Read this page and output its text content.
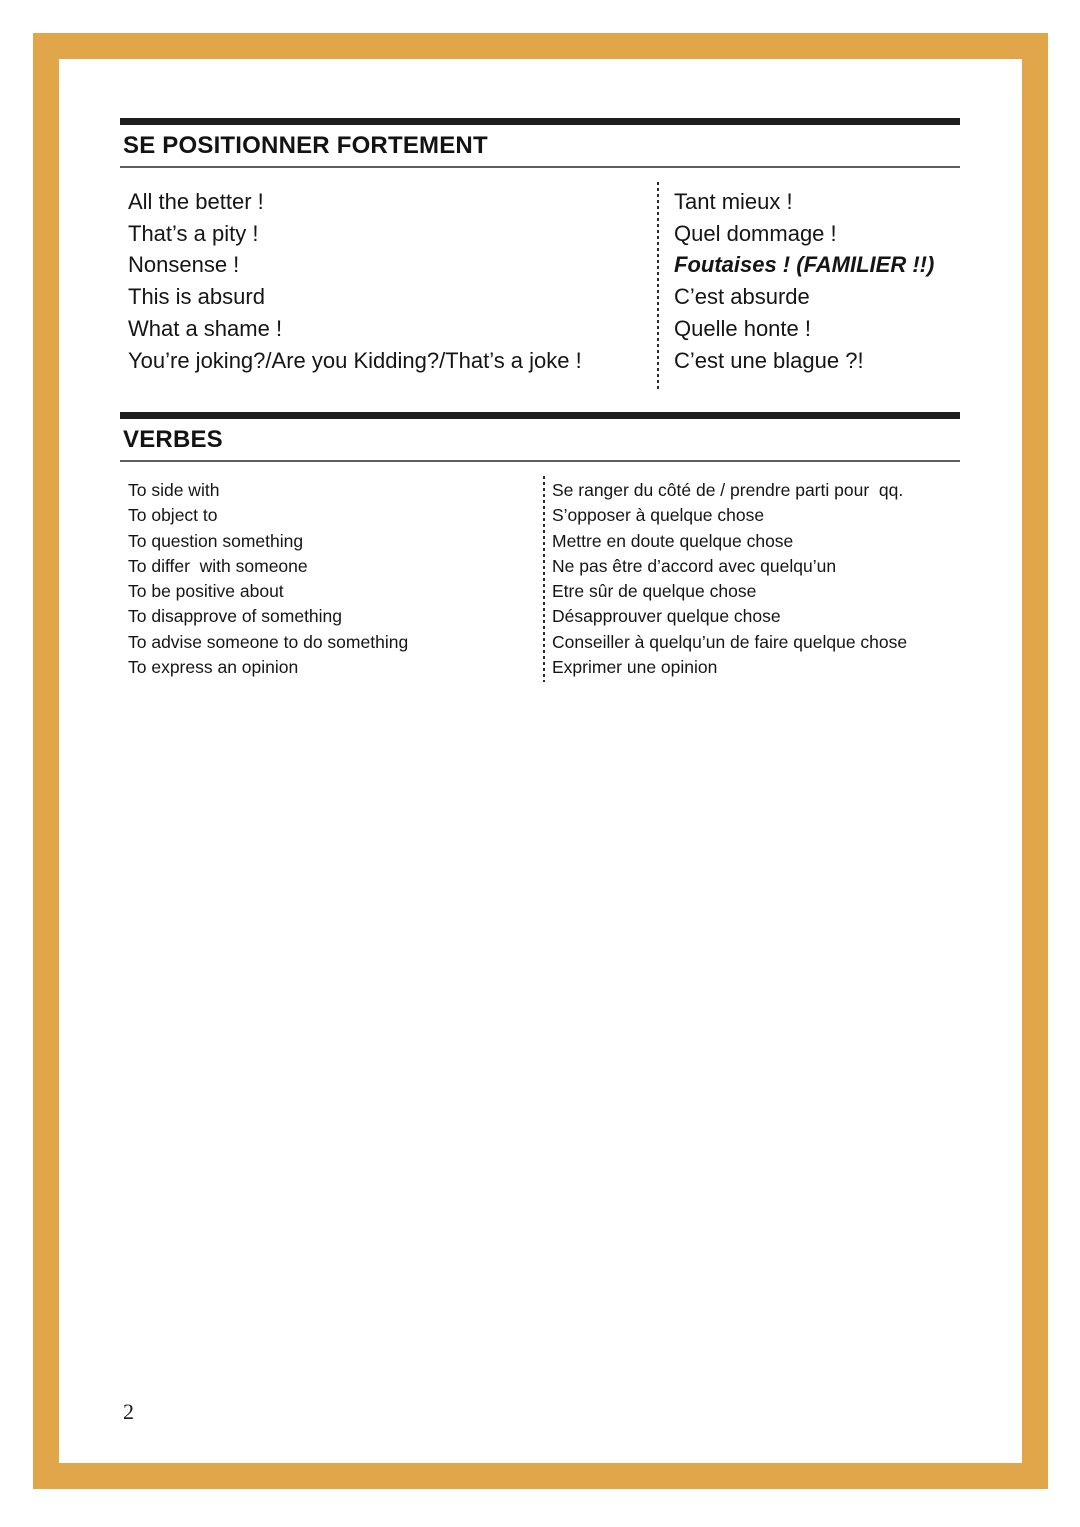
SE POSITIONNER FORTEMENT
All the better !	Tant mieux !
That’s a pity !	Quel dommage !
Nonsense !	Foutaises ! (FAMILIER !!)
This is absurd	C’est absurde
What a shame !	Quelle honte !
You’re joking?/Are you Kidding?/That’s a joke !	C’est une blague ?!
VERBES
To side with	Se ranger du côté de / prendre parti pour  qq.
To object to	S’opposer à quelque chose
To question something	Mettre en doute quelque chose
To differ  with someone	Ne pas être d’accord avec quelqu’un
To be positive about	Etre sûr de quelque chose
To disapprove of something	Désapprouver quelque chose
To advise someone to do something	Conseiller à quelqu’un de faire quelque chose
To express an opinion	Exprimer une opinion
2
